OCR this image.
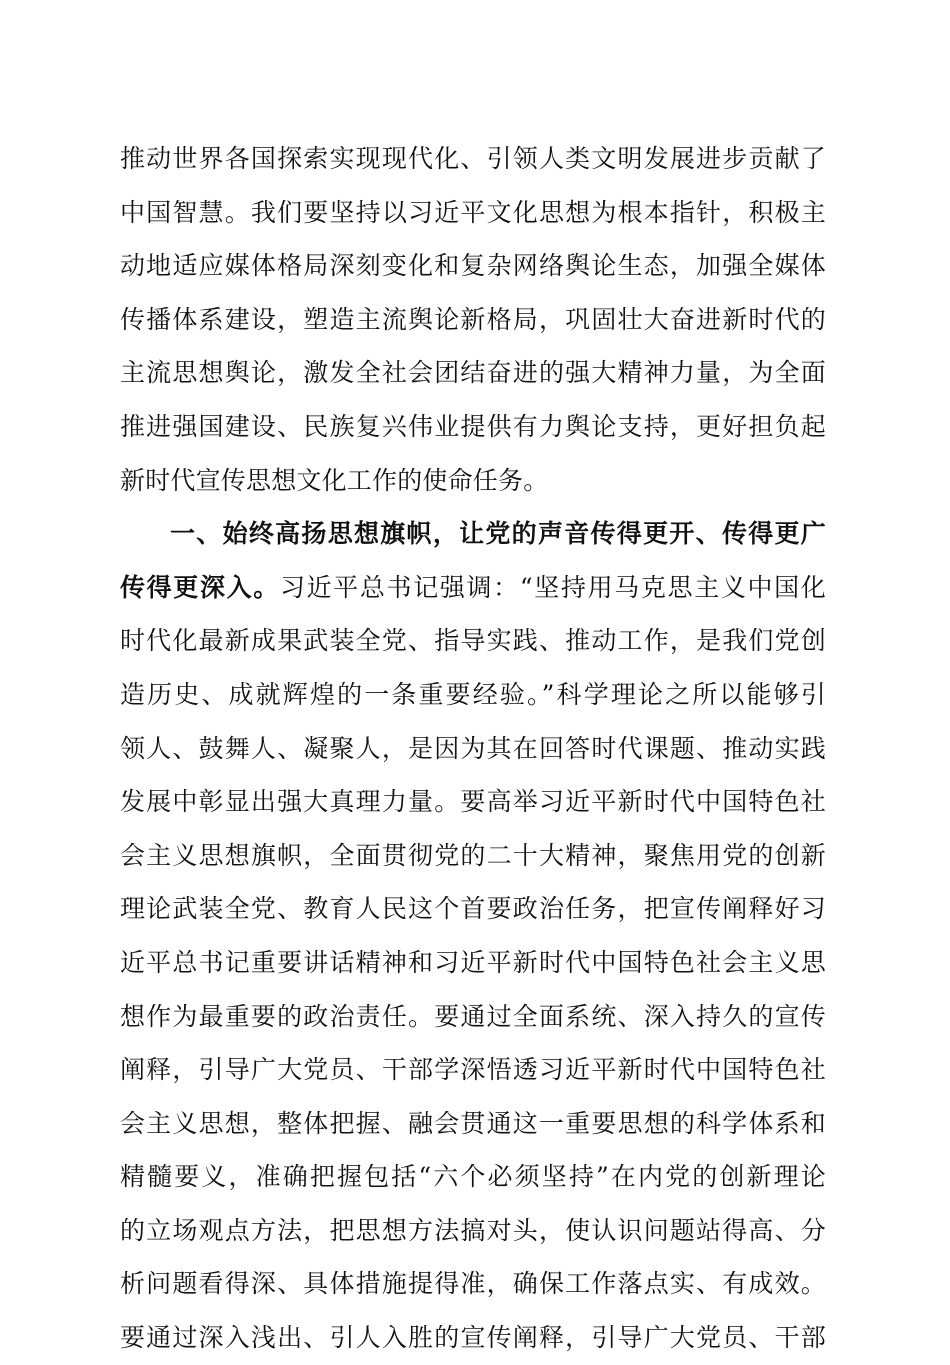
推动世界各国探索实现现代化、引领人类文明发展进步贡献了
中国智慧。我们要坚持以习近平文化思想为根本指针，积极主
动地适应媒体格局深刻变化和复杂网络舆论生态，加强全媒体
传播体系建设，塑造主流舆论新格局，巩固壮大奋进新时代的
主流思想舆论，激发全社会团结奋进的强大精神力量，为全面
推进强国建设、民族复兴伟业提供有力舆论支持，更好担负起
新时代宣传思想文化工作的使命任务。
一、始终高扬思想旗帜，让党的声音传得更开、传得更广
传得更深入。习近平总书记强调：“坚持用马克思主义中国化
时代化最新成果武装全党、指导实践、推动工作，是我们党创
造历史、成就辉煌的一条重要经验。”科学理论之所以能够引
领人、鼓舞人、凝聚人，是因为其在回答时代课题、推动实践
发展中彰显出强大真理力量。要高举习近平新时代中国特色社
会主义思想旗帜，全面贯彻党的二十大精神，聚焦用党的创新
理论武装全党、教育人民这个首要政治任务，把宣传阐释好习
近平总书记重要讲话精神和习近平新时代中国特色社会主义思
想作为最重要的政治责任。要通过全面系统、深入持久的宣传
阐释，引导广大党员、干部学深悟透习近平新时代中国特色社
会主义思想，整体把握、融会贯通这一重要思想的科学体系和
精髓要义，准确把握包括“六个必须坚持”在内党的创新理论
的立场观点方法，把思想方法搞对头，使认识问题站得高、分
析问题看得深、具体措施提得准，确保工作落点实、有成效。
要通过深入浅出、引人入胜的宣传阐释，引导广大党员、干部
